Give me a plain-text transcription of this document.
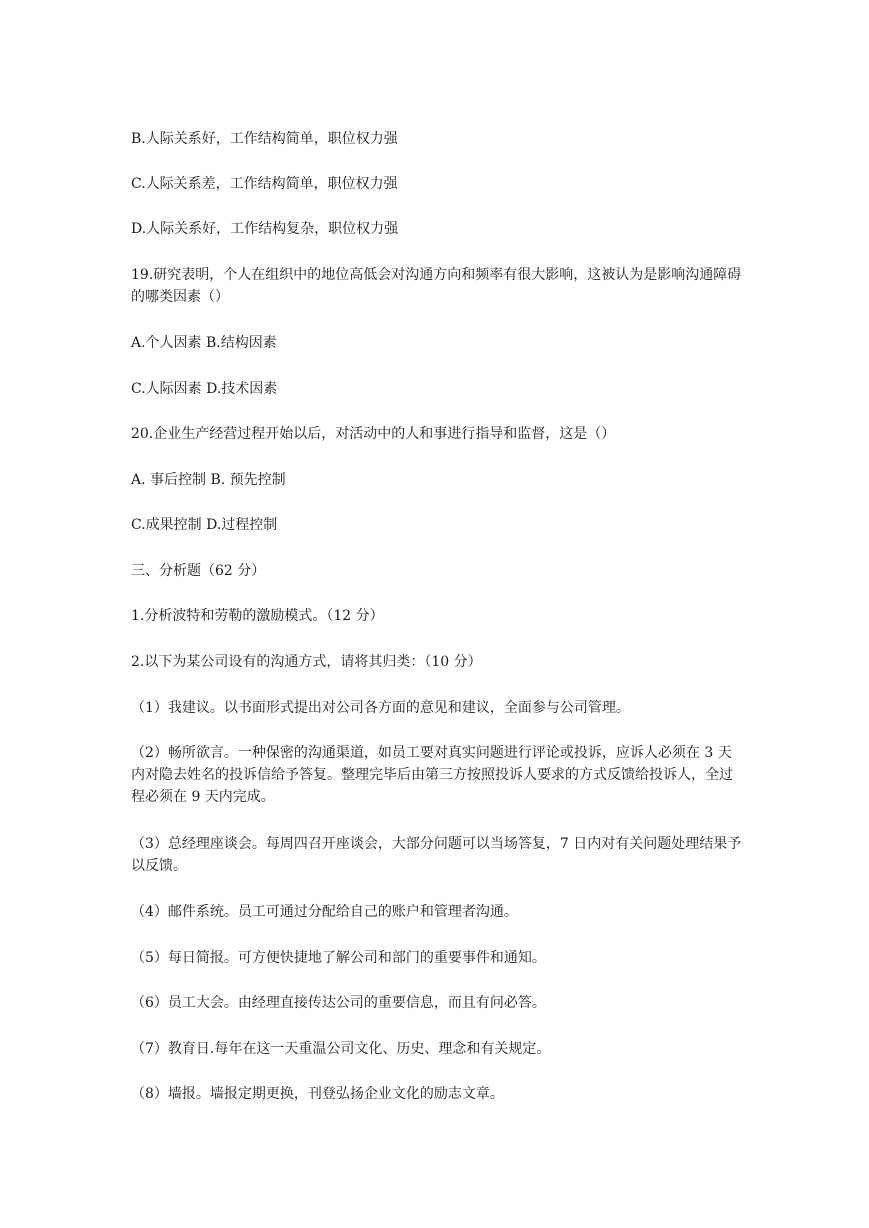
B.人际关系好，工作结构简单，职位权力强

C.人际关系差，工作结构简单，职位权力强

D.人际关系好，工作结构复杂，职位权力强

19.研究表明，个人在组织中的地位高低会对沟通方向和频率有很大影响，这被认为是影响沟通障碍的哪类因素（）

A.个人因素 B.结构因素

C.人际因素 D.技术因素

20.企业生产经营过程开始以后，对活动中的人和事进行指导和监督，这是（）

A. 事后控制 B. 预先控制

C.成果控制 D.过程控制

三、分析题（62 分）

1.分析波特和劳勒的激励模式。（12 分）

2.以下为某公司设有的沟通方式，请将其归类：（10 分）

（1）我建议。以书面形式提出对公司各方面的意见和建议，全面参与公司管理。

（2）畅所欲言。一种保密的沟通渠道，如员工要对真实问题进行评论或投诉，应诉人必须在 3 天内对隐去姓名的投诉信给予答复。整理完毕后由第三方按照投诉人要求的方式反馈给投诉人，全过程必须在 9 天内完成。

（3）总经理座谈会。每周四召开座谈会，大部分问题可以当场答复，7 日内对有关问题处理结果予以反馈。

（4）邮件系统。员工可通过分配给自己的账户和管理者沟通。

（5）每日简报。可方便快捷地了解公司和部门的重要事件和通知。

（6）员工大会。由经理直接传达公司的重要信息，而且有问必答。

（7）教育日.每年在这一天重温公司文化、历史、理念和有关规定。

（8）墙报。墙报定期更换，刊登弘扬企业文化的励志文章。
